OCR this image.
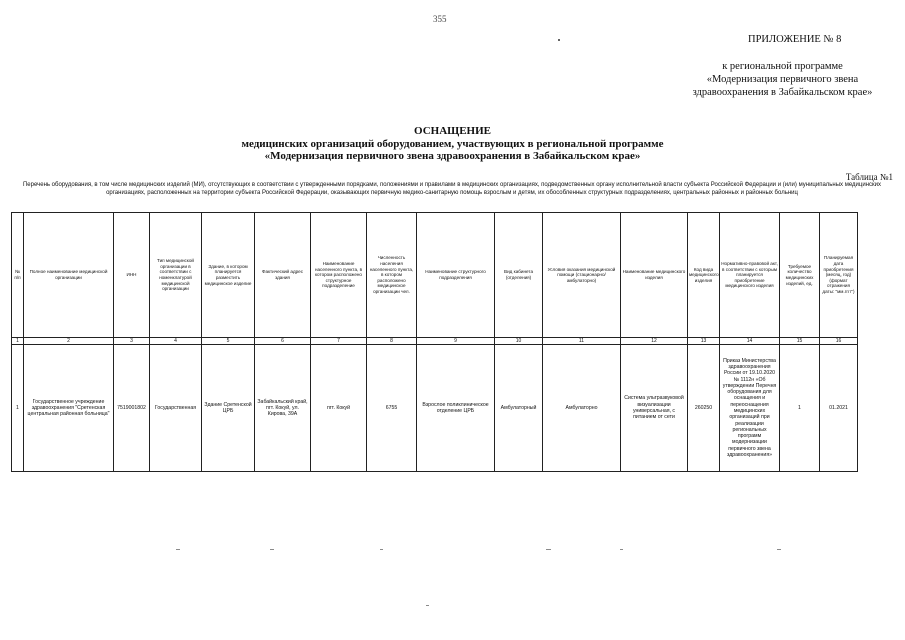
355
ПРИЛОЖЕНИЕ № 8
к региональной программе «Модернизация первичного звена здравоохранения в Забайкальском крае»
ОСНАЩЕНИЕ
медицинских организаций оборудованием, участвующих в региональной программе
«Модернизация первичного звена здравоохранения в Забайкальском крае»
Таблица №1
Перечень оборудования, в том числе медицинских изделий (МИ), отсутствующих в соответствии с утвержденными порядками, положениями и правилами в медицинских организациях, подведомственных органу исполнительной власти субъекта Российской Федерации и (или) муниципальных медицинских организациях, расположенных на территории субъекта Российской Федерации, оказывающих первичную медико-санитарную помощь взрослым и детям, их обособленных структурных подразделениях, центральных районных и районных больниц
№ п/п	Полное наименование медицинской организации	ИНН	Тип медицинской организации в соответствии с номенклатурой медицинской организации	Здание, в котором планируется разместить медицинское изделие	Фактический адрес здания	Наименование населенного пункта, в котором расположено структурное подразделение	Численность населения населенного пункта, в котором расположено медицинское организации чел.	Наименование структурного подразделения	Вид кабинета (отделения)	Условия оказания медицинской помощи (стационарно/амбулаторно)	Наименование медицинского изделия	Код вида медицинского изделия	Нормативно-правовой акт, в соответствии с которым планируется приобретение медицинского изделия	Требуемое количество медицинских изделий, ед.	Планируемая дата приобретения (месяц, год) (формат отражения даты: "мм.гггг")
1	2	3	4	5	6	7	8	9	10	11	12	13	14	15	16
1	Государственное учреждение здравоохранения "Сретенская центральная районная больница"	7519001802	Государственная	Здание Сретенской ЦРБ	Забайкальский край, пгт. Кокуй, ул. Кирова, 39А	пгт. Кокуй	6755	Взрослое поликлиническое отделение ЦРБ	Амбулаторный	Амбулаторно	Система ультразвуковой визуализации универсальная, с питанием от сети	260250	Приказ Министерства здравоохранения России от 19.10.2020 № 1112н «Об утверждении Перечня оборудования для оснащения и переоснащения медицинских организаций при реализации региональных программ модернизации первичного звена здравоохранения»	1	01.2021
